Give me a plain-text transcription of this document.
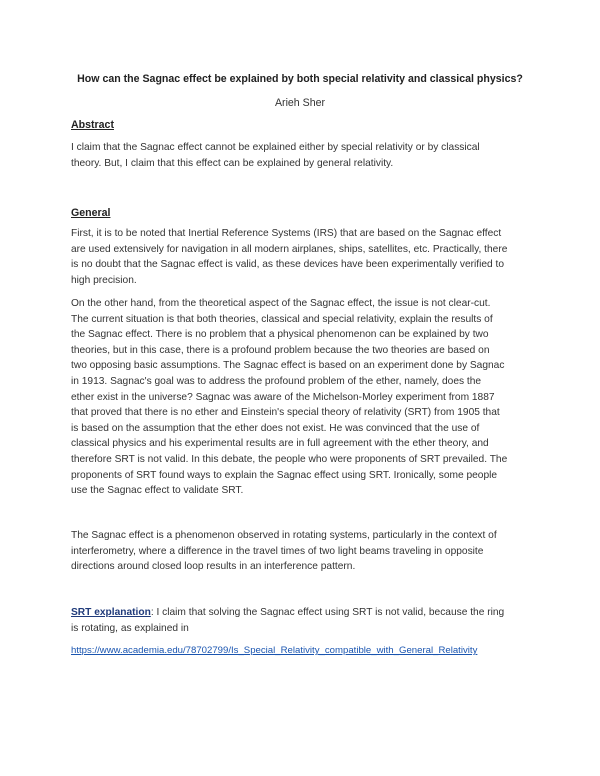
How can the Sagnac effect be explained by both special relativity and classical physics?
Arieh Sher
Abstract
I claim that the Sagnac effect cannot be explained either by special relativity or by classical
theory. But, I claim that this effect can be explained by general relativity.
General
First, it is to be noted that Inertial Reference Systems (IRS) that are based on the Sagnac effect
are used extensively for navigation in all modern airplanes, ships, satellites, etc. Practically, there
is no doubt that the Sagnac effect is valid, as these devices have been experimentally verified to
high precision.
On the other hand, from the theoretical aspect of the Sagnac effect, the issue is not clear-cut.
The current situation is that both theories, classical and special relativity, explain the results of
the Sagnac effect. There is no problem that a physical phenomenon can be explained by two
theories, but in this case, there is a profound problem because the two theories are based on
two opposing basic assumptions. The Sagnac effect is based on an experiment done by Sagnac
in 1913. Sagnac's goal was to address the profound problem of the ether, namely, does the
ether exist in the universe? Sagnac was aware of the Michelson-Morley experiment from 1887
that proved that there is no ether and Einstein's special theory of relativity (SRT) from 1905 that
is based on the assumption that the ether does not exist. He was convinced that the use of
classical physics and his experimental results are in full agreement with the ether theory, and
therefore SRT is not valid. In this debate, the people who were proponents of SRT prevailed. The
proponents of SRT found ways to explain the Sagnac effect using SRT. Ironically, some people
use the Sagnac effect to validate SRT.
The Sagnac effect is a phenomenon observed in rotating systems, particularly in the context of
interferometry, where a difference in the travel times of two light beams traveling in opposite
directions around closed loop results in an interference pattern.
SRT explanation: I claim that solving the Sagnac effect using SRT is not valid, because the ring
is rotating, as explained in
https://www.academia.edu/78702799/Is_Special_Relativity_compatible_with_General_Relativity
